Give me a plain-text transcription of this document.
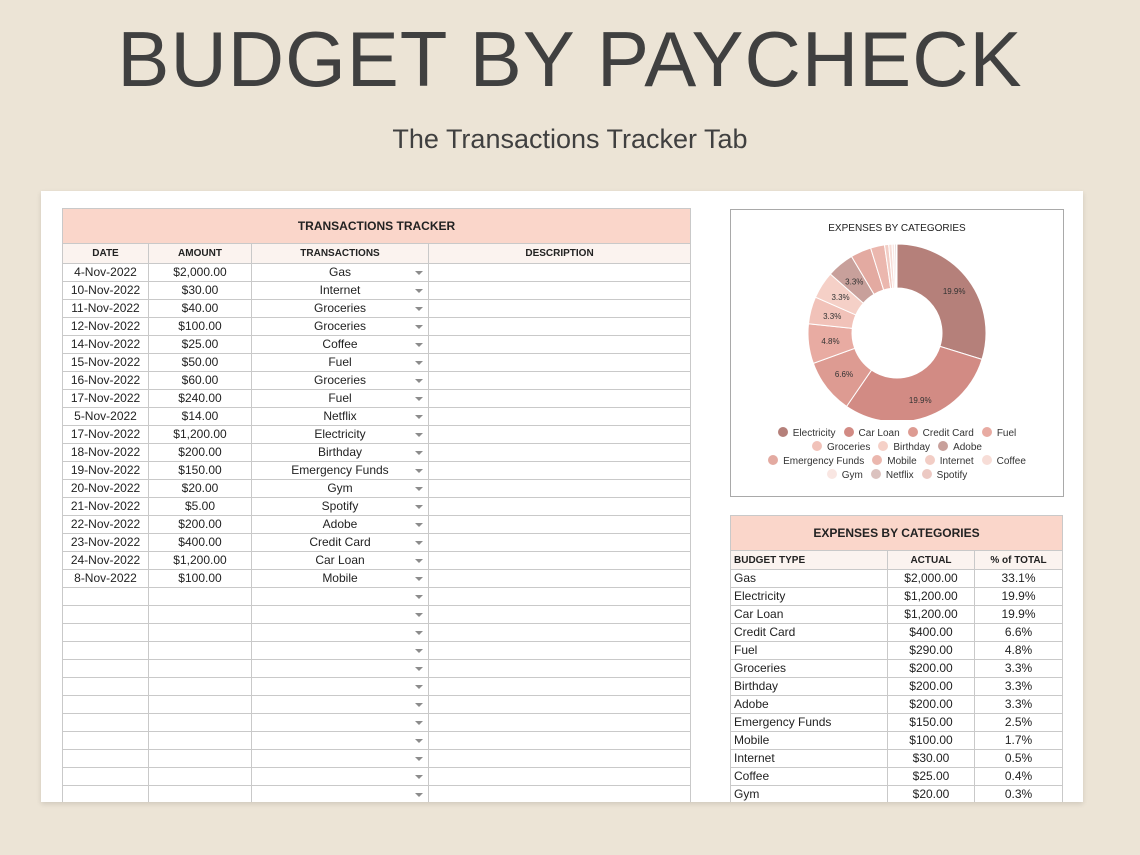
BUDGET BY PAYCHECK
The Transactions Tracker Tab
TRANSACTIONS TRACKER			
DATE	AMOUNT	TRANSACTIONS	DESCRIPTION
4-Nov-2022	$2,000.00	Gas

10-Nov-2022	$30.00	Internet

11-Nov-2022	$40.00	Groceries

12-Nov-2022	$100.00	Groceries

14-Nov-2022	$25.00	Coffee

15-Nov-2022	$50.00	Fuel

16-Nov-2022	$60.00	Groceries

17-Nov-2022	$240.00	Fuel

5-Nov-2022	$14.00	Netflix

17-Nov-2022	$1,200.00	Electricity

18-Nov-2022	$200.00	Birthday

19-Nov-2022	$150.00	Emergency Funds

20-Nov-2022	$20.00	Gym

21-Nov-2022	$5.00	Spotify

22-Nov-2022	$200.00	Adobe

23-Nov-2022	$400.00	Credit Card

24-Nov-2022	$1,200.00	Car Loan

8-Nov-2022	$100.00	Mobile

EXPENSES BY CATEGORIES
19.9%
19.9%
6.6%
4.8%
3.3%
3.3%
3.3%
Electricity Car Loan Credit Card Fuel
Groceries Birthday Adobe
Emergency Funds Mobile Internet Coffee
Gym Netflix Spotify
EXPENSES BY CATEGORIES		
BUDGET TYPE	ACTUAL	% of TOTAL
Gas	$2,000.00	33.1%
Electricity	$1,200.00	19.9%
Car Loan	$1,200.00	19.9%
Credit Card	$400.00	6.6%
Fuel	$290.00	4.8%
Groceries	$200.00	3.3%
Birthday	$200.00	3.3%
Adobe	$200.00	3.3%
Emergency Funds	$150.00	2.5%
Mobile	$100.00	1.7%
Internet	$30.00	0.5%
Coffee	$25.00	0.4%
Gym	$20.00	0.3%
